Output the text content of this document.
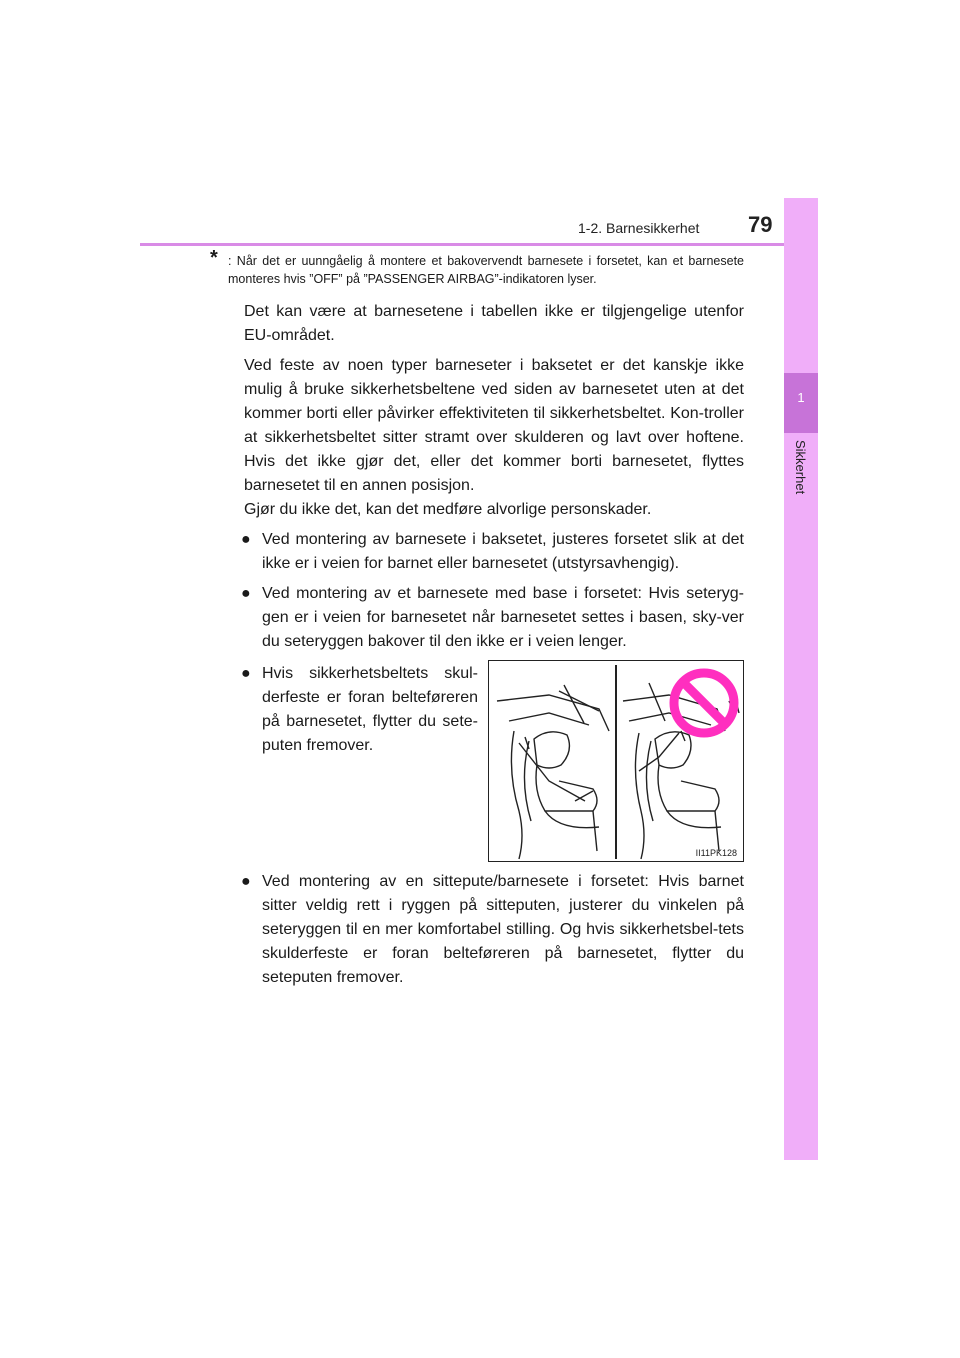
1-2. Barnesikkerhet 79
1
Sikkerhet
* : Når det er uunngåelig å montere et bakovervendt barnesete i forsetet, kan et barnesete monteres hvis ”OFF” på ”PASSENGER AIRBAG”-indikatoren lyser.

Det kan være at barnesetene i tabellen ikke er tilgjengelige utenfor EU-området.

Ved feste av noen typer barneseter i baksetet er det kanskje ikke mulig å bruke sikkerhetsbeltene ved siden av barnesetet uten at det kommer borti eller påvirker effektiviteten til sikkerhetsbeltet. Kon-troller at sikkerhetsbeltet sitter stramt over skulderen og lavt over hoftene. Hvis det ikke gjør det, eller det kommer borti barnesetet, flyttes barnesetet til en annen posisjon.

Gjør du ikke det, kan det medføre alvorlige personskader.

● Ved montering av barnesete i baksetet, justeres forsetet slik at det ikke er i veien for barnet eller barnesetet (utstyrsavhengig).
● Ved montering av et barnesete med base i forsetet: Hvis seteryg-gen er i veien for barnesetet når barnesetet settes i basen, sky-ver du seteryggen bakover til den ikke er i veien lenger.
● Hvis sikkerhetsbeltets skul-derfeste er foran belteføreren på barnesetet, flytter du sete-puten fremover.
II11PK128
● Ved montering av en sittepute/barnesete i forsetet: Hvis barnet sitter veldig rett i ryggen på sitteputen, justerer du vinkelen på seteryggen til en mer komfortabel stilling. Og hvis sikkerhetsbel-tets skulderfeste er foran belteføreren på barnesetet, flytter du seteputen fremover.
